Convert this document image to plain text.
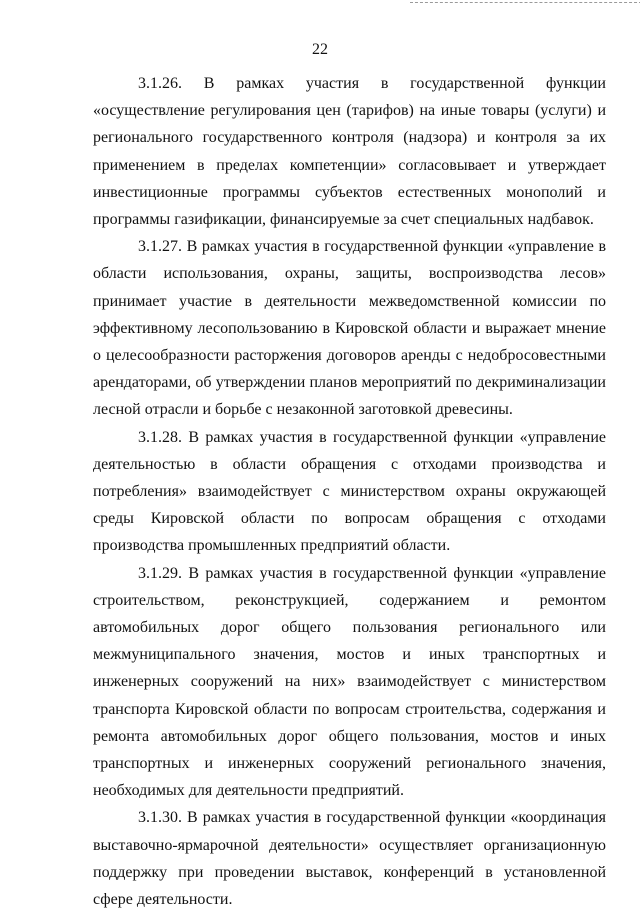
22

3.1.26. В рамках участия в государственной функции «осуществление регулирования цен (тарифов) на иные товары (услуги) и регионального государственного контроля (надзора) и контроля за их применением в пределах компетенции» согласовывает и утверждает инвестиционные программы субъектов естественных монополий и программы газификации, финансируемые за счет специальных надбавок.

3.1.27. В рамках участия в государственной функции «управление в области использования, охраны, защиты, воспроизводства лесов» принимает участие в деятельности межведомственной комиссии по эффективному лесопользованию в Кировской области и выражает мнение о целесообразности расторжения договоров аренды с недобросовестными арендаторами, об утверждении планов мероприятий по декриминализации лесной отрасли и борьбе с незаконной заготовкой древесины.

3.1.28. В рамках участия в государственной функции «управление деятельностью в области обращения с отходами производства и потребления» взаимодействует с министерством охраны окружающей среды Кировской области по вопросам обращения с отходами производства промышленных предприятий области.

3.1.29. В рамках участия в государственной функции «управление строительством, реконструкцией, содержанием и ремонтом автомобильных дорог общего пользования регионального или межмуниципального значения, мостов и иных транспортных и инженерных сооружений на них» взаимодействует с министерством транспорта Кировской области по вопросам строительства, содержания и ремонта автомобильных дорог общего пользования, мостов и иных транспортных и инженерных сооружений регионального значения, необходимых для деятельности предприятий.

3.1.30. В рамках участия в государственной функции «координация выставочно-ярмарочной деятельности» осуществляет организационную поддержку при проведении выставок, конференций в установленной сфере деятельности.
